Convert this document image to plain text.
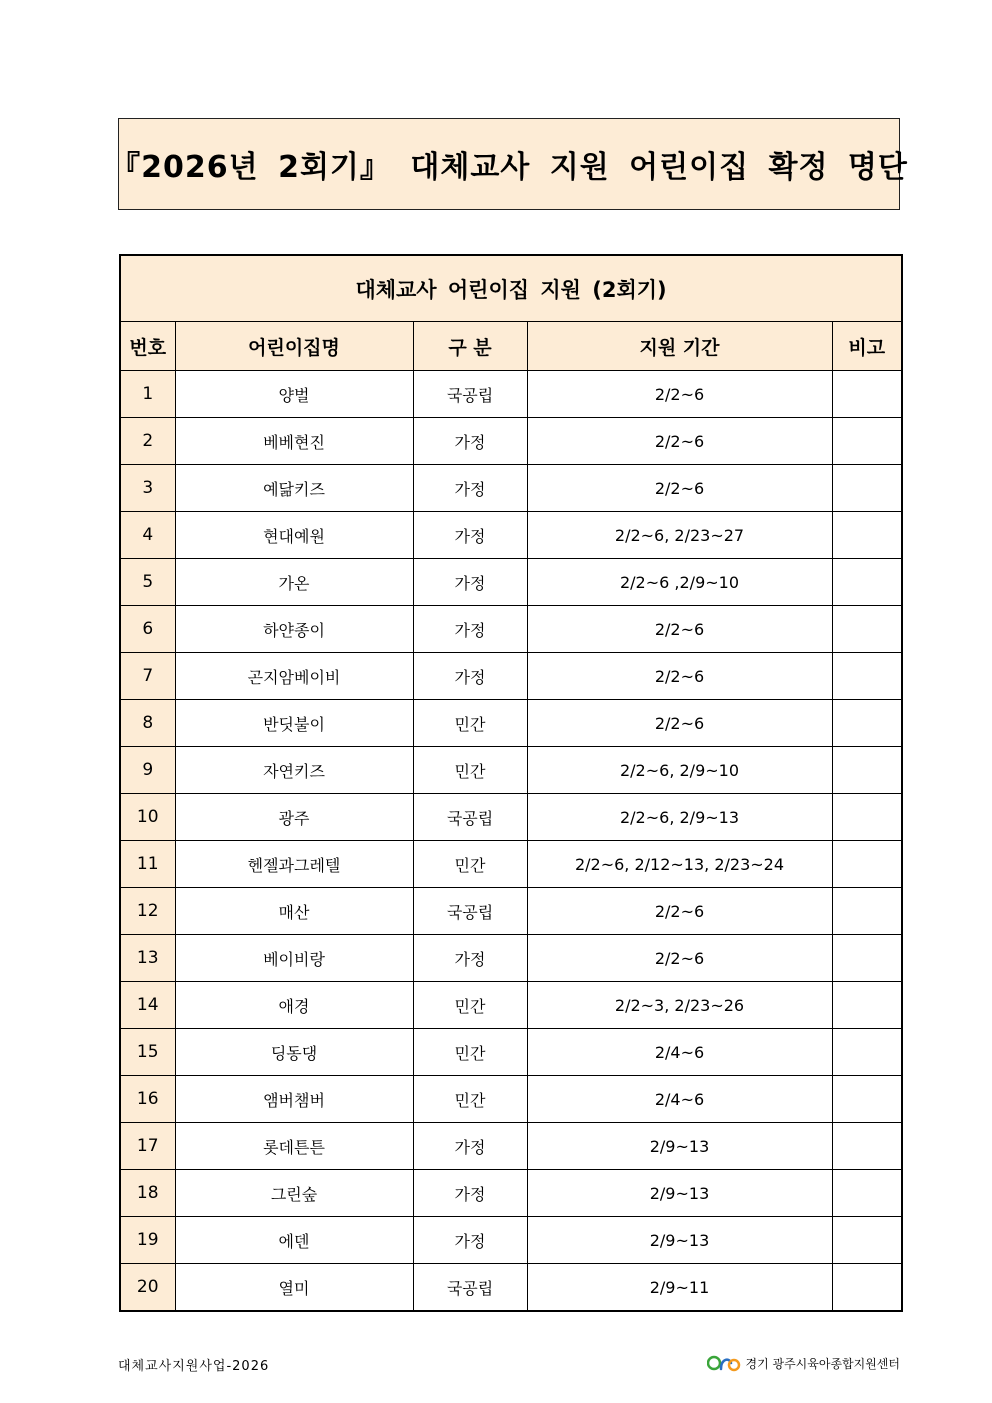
『2026년 2회기』 대체교사 지원 어린이집 확정 명단
대체교사 어린이집 지원 (2회기)				
번호	어린이집명	구 분	지원 기간	비고
1	양벌	국공립	2/2~6	
2	베베현진	가정	2/2~6	
3	예닮키즈	가정	2/2~6	
4	현대예원	가정	2/2~6, 2/23~27	
5	가온	가정	2/2~6 ,2/9~10	
6	하얀종이	가정	2/2~6	
7	곤지암베이비	가정	2/2~6	
8	반딧불이	민간	2/2~6	
9	자연키즈	민간	2/2~6, 2/9~10	
10	광주	국공립	2/2~6, 2/9~13	
11	헨젤과그레텔	민간	2/2~6, 2/12~13, 2/23~24	
12	매산	국공립	2/2~6	
13	베이비랑	가정	2/2~6	
14	애경	민간	2/2~3, 2/23~26	
15	딩동댕	민간	2/4~6	
16	앰버챔버	민간	2/4~6	
17	롯데튼튼	가정	2/9~13	
18	그린숲	가정	2/9~13	
19	에덴	가정	2/9~13	
20	열미	국공립	2/9~11	
대체교사지원사업-2026	경기 광주시육아종합지원센터
